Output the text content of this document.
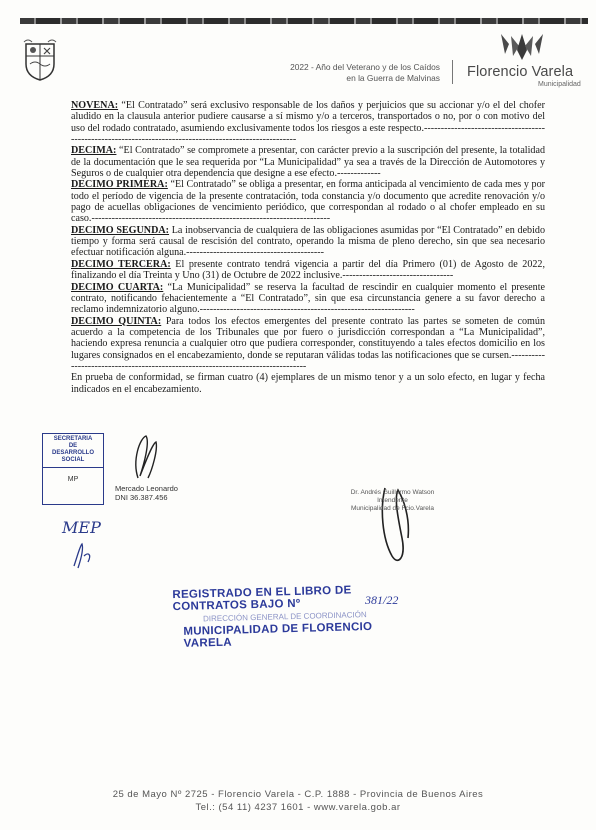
2022 - Año del Veterano y de los Caídos
en la Guerra de Malvinas Florencio Varela
Municipalidad

NOVENA: “El Contratado” será exclusivo responsable de los daños y perjuicios que su accionar y/o el del chofer aludido en la clausula anterior pudiere causarse a sí mismo y/o a terceros, transportados o no, por o con motivo del uso del rodado contratado, asumiendo exclusivamente todos los riesgos a este respecto.-------------------------------------------------------------------------------------------------------

DECIMA: “El Contratado” se compromete a presentar, con carácter previo a la suscripción del presente, la totalidad de la documentación que le sea requerida por “La Municipalidad” ya sea a través de la Dirección de Automotores y Seguros o de cualquier otra dependencia que designe a ese efecto.-------------

DECIMO PRIMERA: “El Contratado” se obliga a presentar, en forma anticipada al vencimiento de cada mes y por todo el período de vigencia de la presente contratación, toda constancia y/o documento que acredite renovación y/o pago de acuellas obligaciones de vencimiento periódico, que correspondan al rodado o al chofer empleado en su caso.-----------------------------------------------------------------------

DECIMO SEGUNDA: La inobservancia de cualquiera de las obligaciones asumidas por “El Contratado” en debido tiempo y forma será causal de rescisión del contrato, operando la misma de pleno derecho, sin que sea necesario efectuar notificación alguna.-----------------------------------------

DECIMO TERCERA: El presente contrato tendrá vigencia a partir del día Primero (01) de Agosto de 2022, finalizando el día Treinta y Uno (31) de Octubre de 2022 inclusive.---------------------------------

DECIMO CUARTA: “La Municipalidad” se reserva la facultad de rescindir en cualquier momento el presente contrato, notificando fehacientemente a “El Contratado”, sin que esa circunstancia genere a su favor derecho a reclamo indemnizatorio alguno.----------------------------------------------------------------

DECIMO QUINTA: Para todos los efectos emergentes del presente contrato las partes se someten de común acuerdo a la competencia de los Tribunales que por fuero o jurisdicción correspondan a “La Municipalidad”, haciendo expresa renuncia a cualquier otro que pudiera corresponder, constituyendo a tales efectos domicilio en los lugares consignados en el encabezamiento, donde se reputaran válidas todas las notificaciones que se cursen.--------------------------------------------------------------------------------

En prueba de conformidad, se firman cuatro (4) ejemplares de un mismo tenor y a un solo efecto, en lugar y fecha indicados en el encabezamiento.

SECRETARIA
DE
DESARROLLO SOCIAL
MP
Mercado Leonardo
DNI 36.387.456
MEP
Dr. Andrés Guillermo Watson
Intendente
Municipalidad de Fcio.Varela
REGISTRADO EN EL LIBRO DE CONTRATOS BAJO Nº
DIRECCIÓN GENERAL DE COORDINACIÓN
MUNICIPALIDAD DE FLORENCIO VARELA
381/22
25 de Mayo Nº 2725 - Florencio Varela - C.P. 1888 - Provincia de Buenos Aires
Tel.: (54 11) 4237 1601 - www.varela.gob.ar
